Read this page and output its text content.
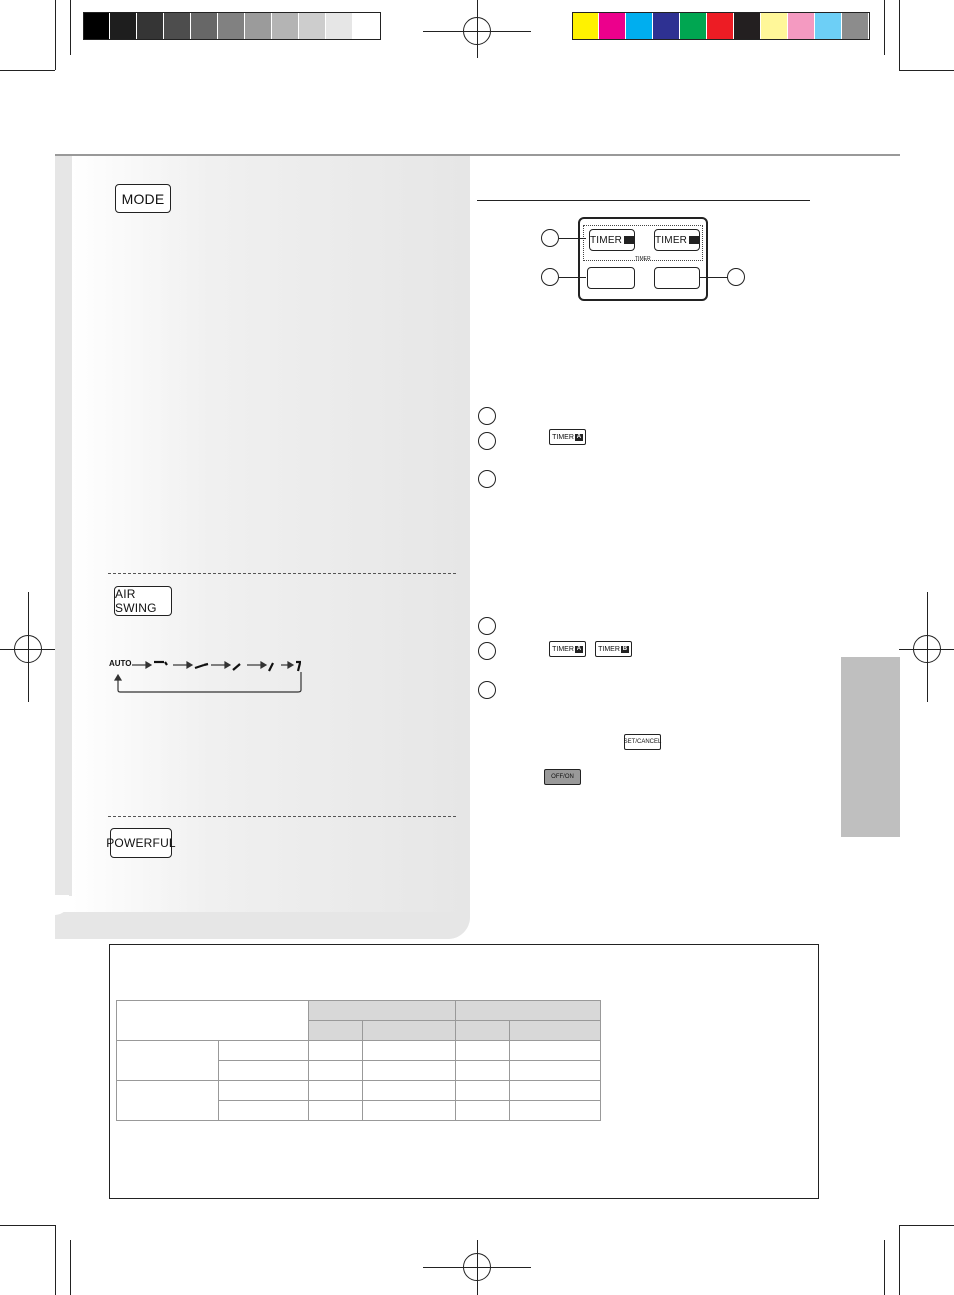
MODE
AIR SWING
AUTO
POWERFUL
TIMER	TIMER
TIMER
TIMER A
TIMER A TIMER B
SET/CANCEL
OFF/ON
